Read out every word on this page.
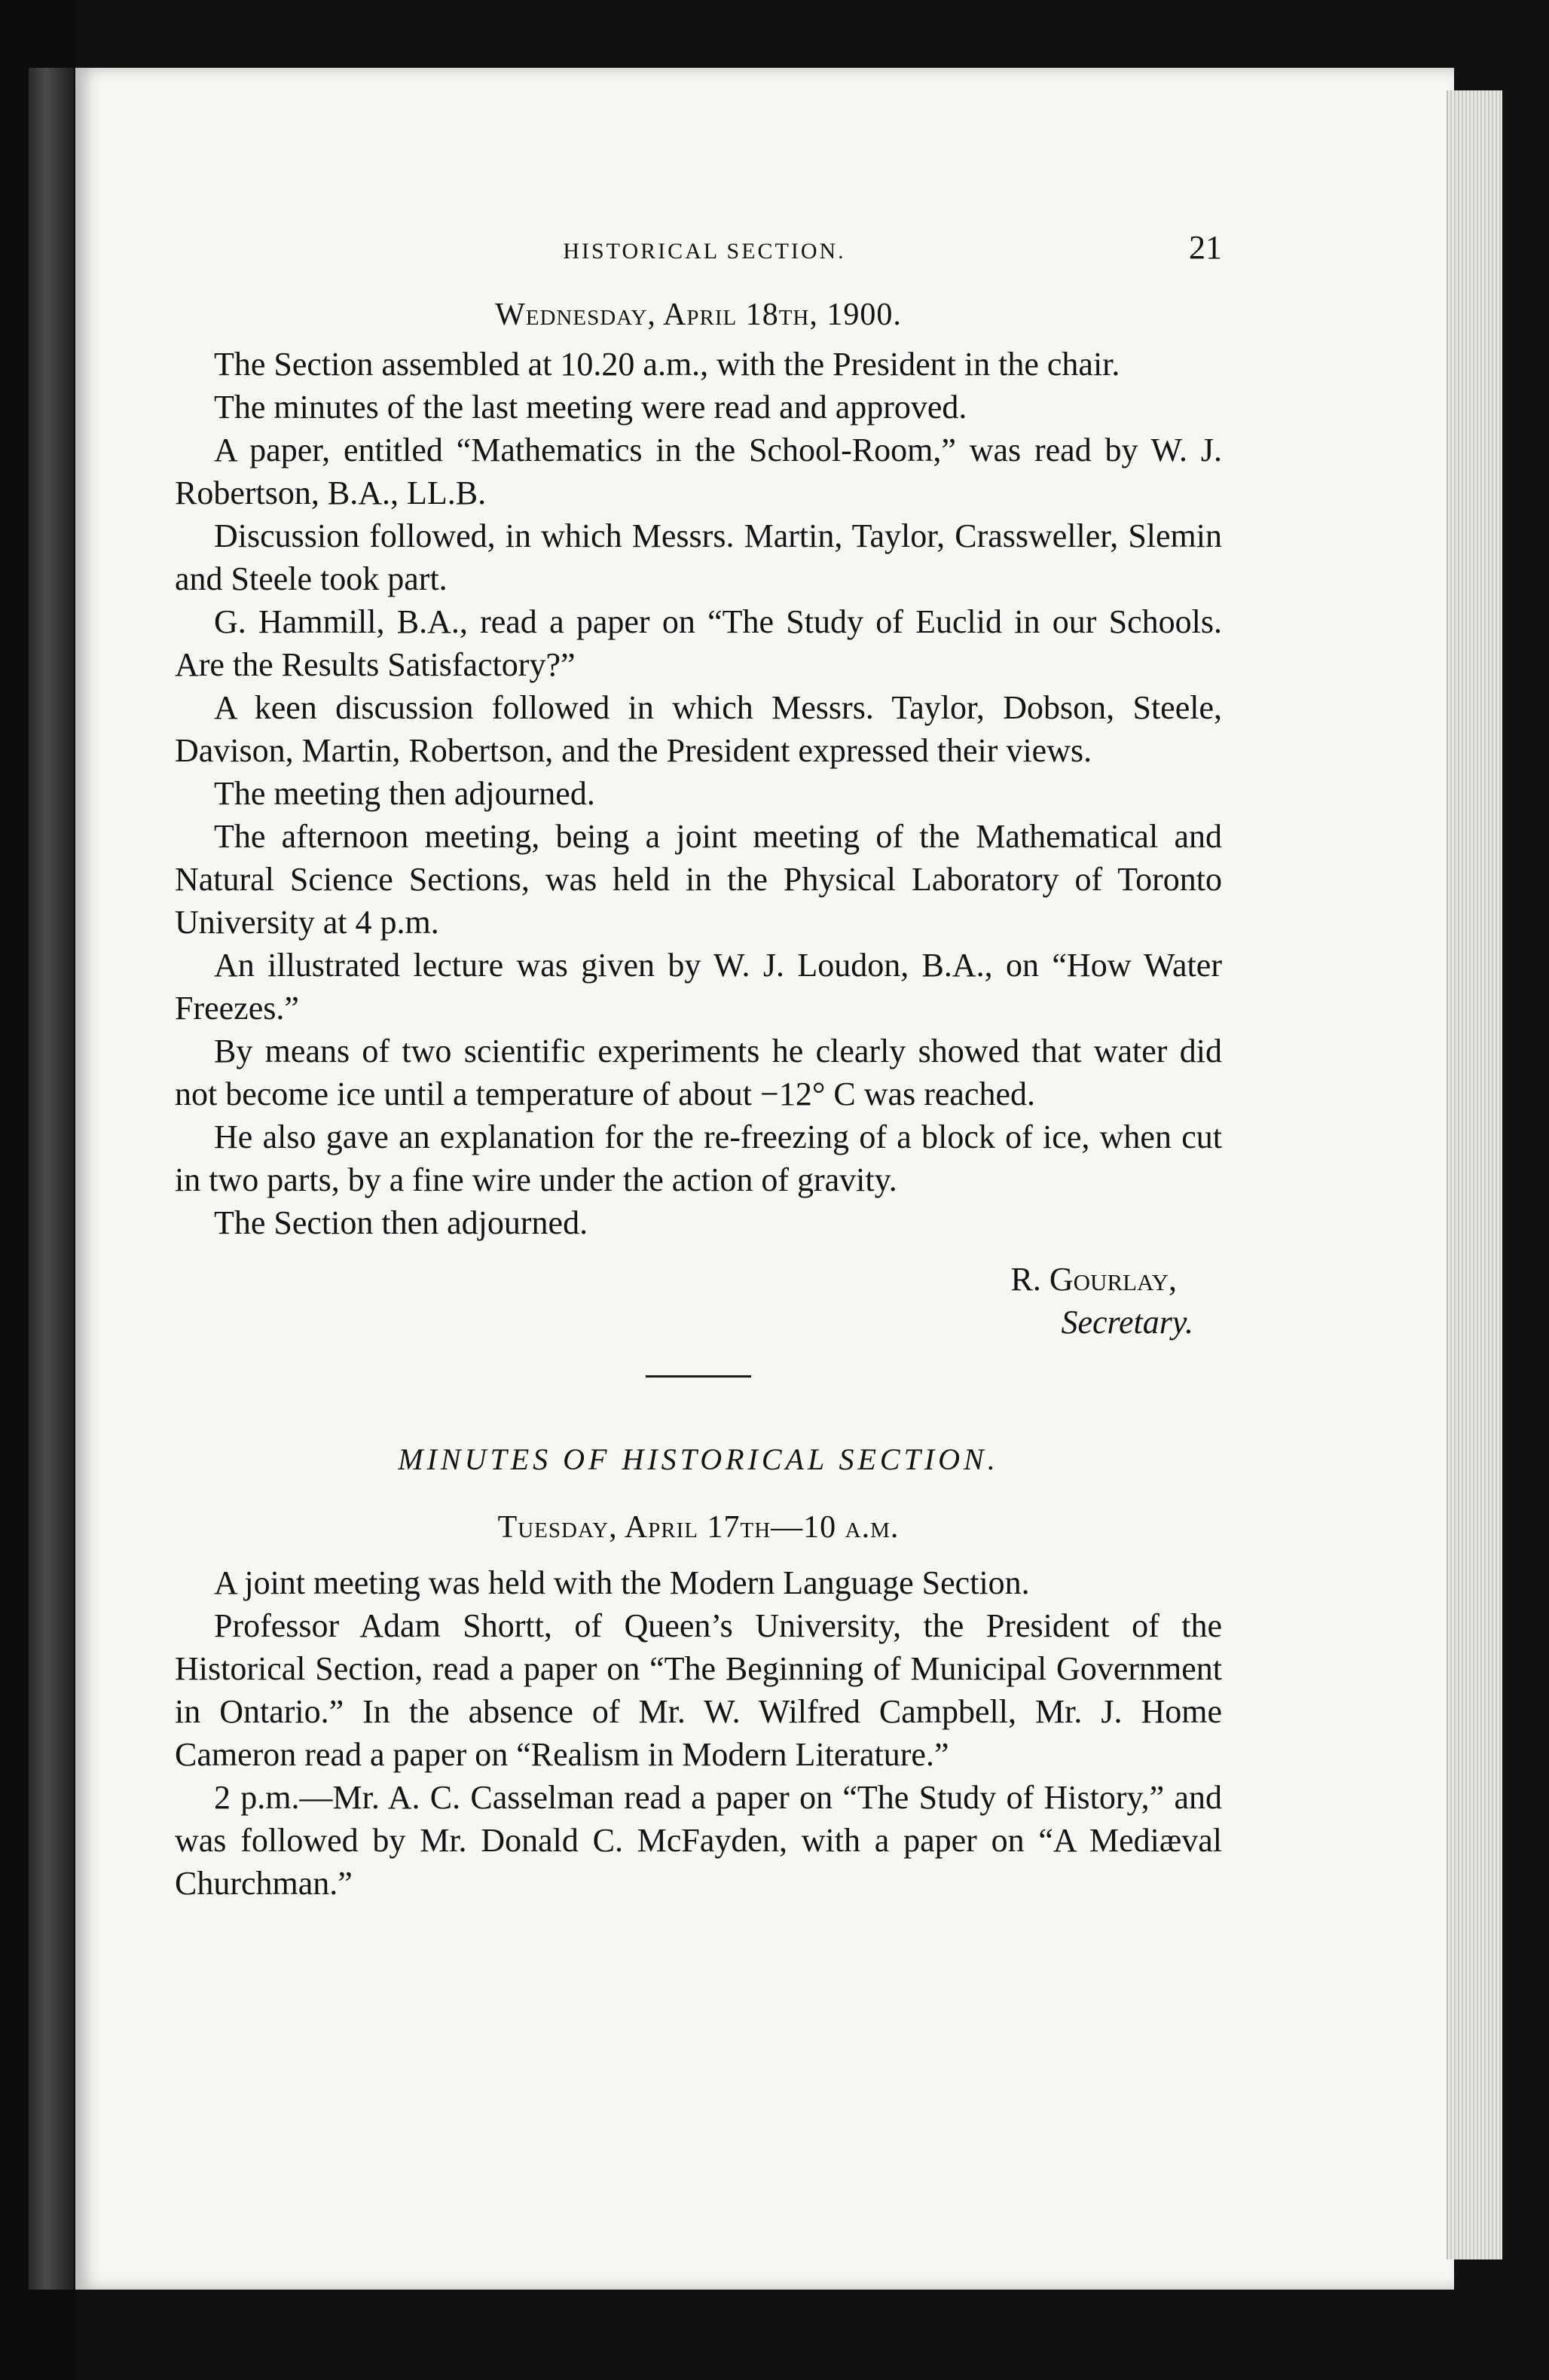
HISTORICAL SECTION.	21
Wednesday, April 18th, 1900.

The Section assembled at 10.20 a.m., with the President in the chair.

The minutes of the last meeting were read and approved.

A paper, entitled “Mathematics in the School-Room,” was read by W. J. Robertson, B.A., LL.B.

Discussion followed, in which Messrs. Martin, Taylor, Crassweller, Slemin and Steele took part.

G. Hammill, B.A., read a paper on “The Study of Euclid in our Schools. Are the Results Satisfactory?”

A keen discussion followed in which Messrs. Taylor, Dobson, Steele, Davison, Martin, Robertson, and the President expressed their views.

The meeting then adjourned.

The afternoon meeting, being a joint meeting of the Mathematical and Natural Science Sections, was held in the Physical Laboratory of Toronto University at 4 p.m.

An illustrated lecture was given by W. J. Loudon, B.A., on “How Water Freezes.”

By means of two scientific experiments he clearly showed that water did not become ice until a temperature of about −12° C was reached.

He also gave an explanation for the re-freezing of a block of ice, when cut in two parts, by a fine wire under the action of gravity.

The Section then adjourned.

R. Gourlay,
Secretary.
MINUTES OF HISTORICAL SECTION.
Tuesday, April 17th—10 a.m.

A joint meeting was held with the Modern Language Section.

Professor Adam Shortt, of Queen’s University, the President of the Historical Section, read a paper on “The Beginning of Municipal Government in Ontario.” In the absence of Mr. W. Wilfred Campbell, Mr. J. Home Cameron read a paper on “Realism in Modern Literature.”

2 p.m.—Mr. A. C. Casselman read a paper on “The Study of History,” and was followed by Mr. Donald C. McFayden, with a paper on “A Mediæval Churchman.”
